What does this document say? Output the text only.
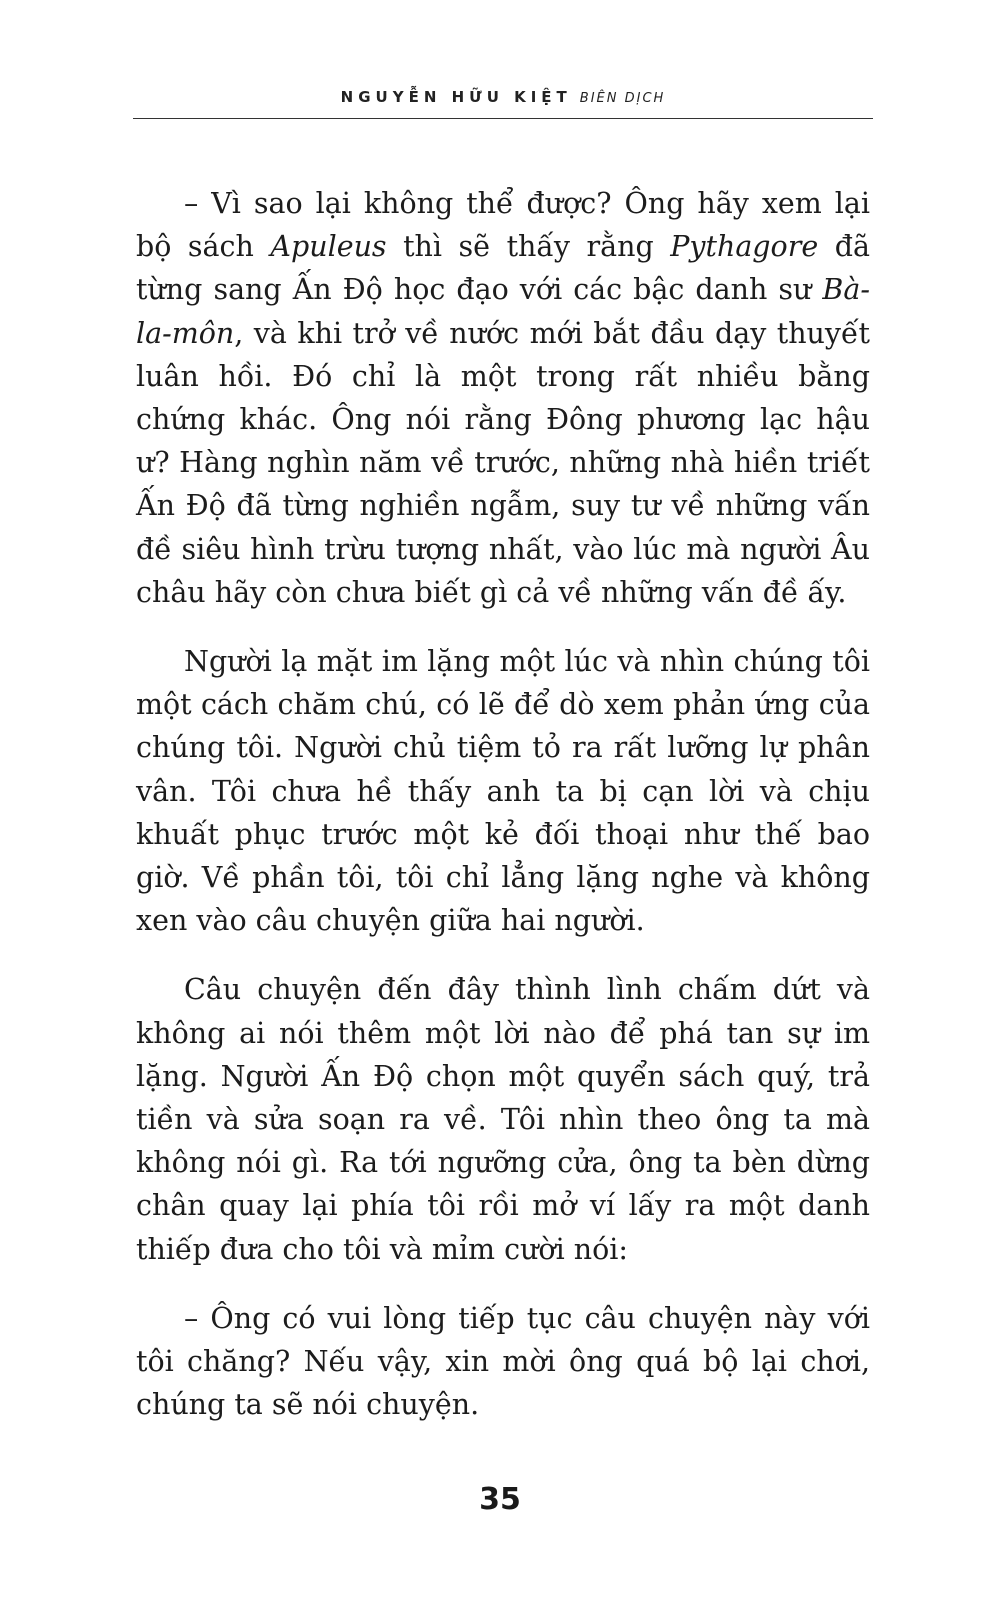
NGUYỄN HỮU KIỆT BIÊN DỊCH

– Vì sao lại không thể được? Ông hãy xem lại bộ sách Apuleus thì sẽ thấy rằng Pythagore đã từng sang Ấn Độ học đạo với các bậc danh sư Bà-la-môn, và khi trở về nước mới bắt đầu dạy thuyết luân hồi. Đó chỉ là một trong rất nhiều bằng chứng khác. Ông nói rằng Đông phương lạc hậu ư? Hàng nghìn năm về trước, những nhà hiền triết Ấn Độ đã từng nghiền ngẫm, suy tư về những vấn đề siêu hình trừu tượng nhất, vào lúc mà người Âu châu hãy còn chưa biết gì cả về những vấn đề ấy.

Người lạ mặt im lặng một lúc và nhìn chúng tôi một cách chăm chú, có lẽ để dò xem phản ứng của chúng tôi. Người chủ tiệm tỏ ra rất lưỡng lự phân vân. Tôi chưa hề thấy anh ta bị cạn lời và chịu khuất phục trước một kẻ đối thoại như thế bao giờ. Về phần tôi, tôi chỉ lẳng lặng nghe và không xen vào câu chuyện giữa hai người.

Câu chuyện đến đây thình lình chấm dứt và không ai nói thêm một lời nào để phá tan sự im lặng. Người Ấn Độ chọn một quyển sách quý, trả tiền và sửa soạn ra về. Tôi nhìn theo ông ta mà không nói gì. Ra tới ngưỡng cửa, ông ta bèn dừng chân quay lại phía tôi rồi mở ví lấy ra một danh thiếp đưa cho tôi và mỉm cười nói:

– Ông có vui lòng tiếp tục câu chuyện này với tôi chăng? Nếu vậy, xin mời ông quá bộ lại chơi, chúng ta sẽ nói chuyện.

35
